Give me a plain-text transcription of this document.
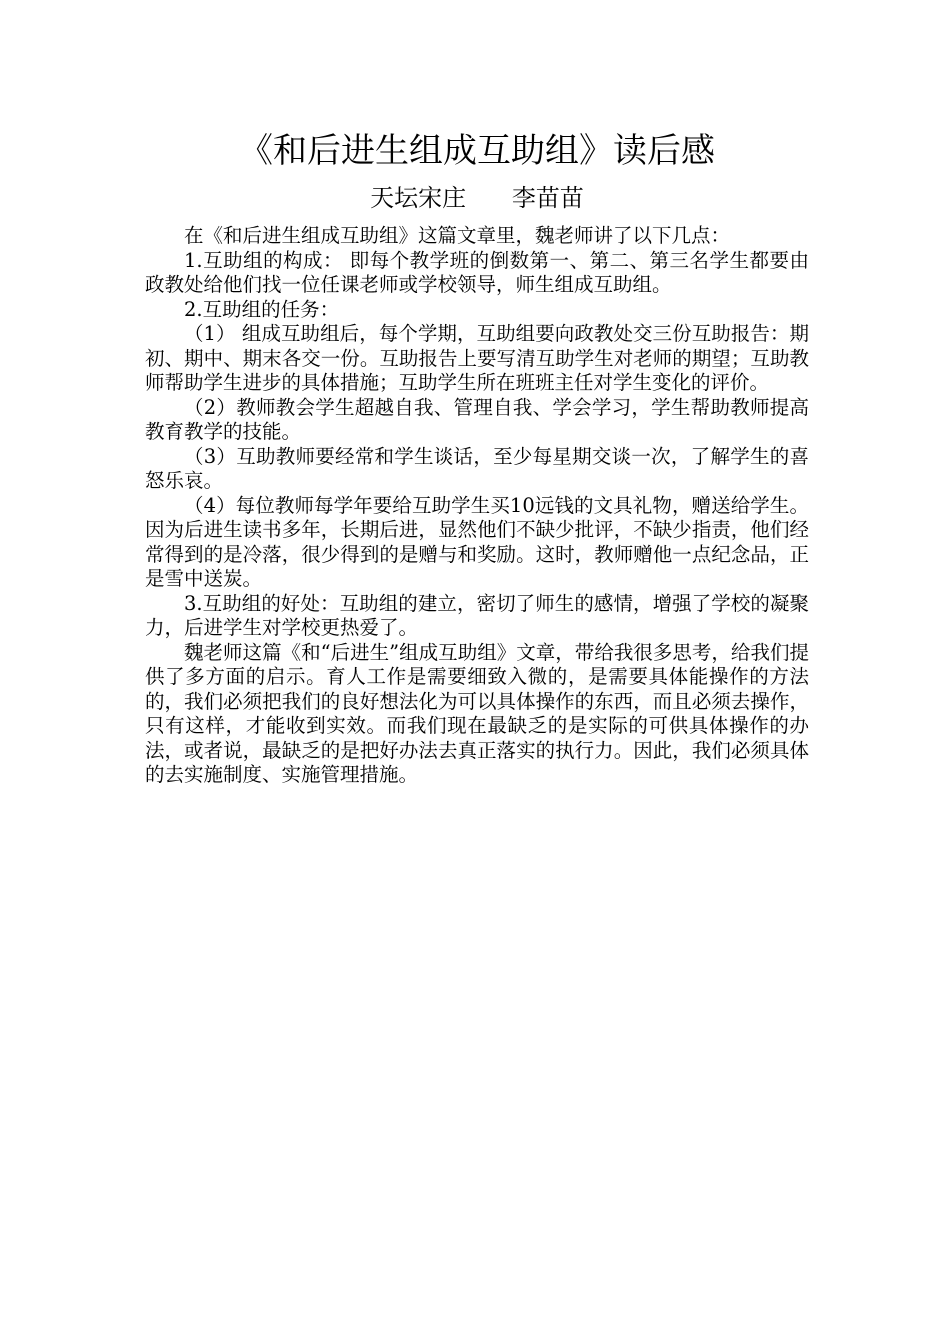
《和后进生组成互助组》读后感
天坛宋庄      李苗苗

在《和后进生组成互助组》这篇文章里，魏老师讲了以下几点：

1.互助组的构成： 即每个教学班的倒数第一、第二、第三名学生都要由政教处给他们找一位任课老师或学校领导，师生组成互助组。

2.互助组的任务：

（1） 组成互助组后，每个学期，互助组要向政教处交三份互助报告：期初、期中、期末各交一份。互助报告上要写清互助学生对老师的期望；互助教师帮助学生进步的具体措施；互助学生所在班班主任对学生变化的评价。

（2）教师教会学生超越自我、管理自我、学会学习，学生帮助教师提高教育教学的技能。

（3）互助教师要经常和学生谈话，至少每星期交谈一次，了解学生的喜怒乐哀。

（4）每位教师每学年要给互助学生买10远钱的文具礼物，赠送给学生。因为后进生读书多年，长期后进，显然他们不缺少批评，不缺少指责，他们经常得到的是冷落，很少得到的是赠与和奖励。这时，教师赠他一点纪念品，正是雪中送炭。

3.互助组的好处：互助组的建立，密切了师生的感情，增强了学校的凝聚力，后进学生对学校更热爱了。

魏老师这篇《和“后进生”组成互助组》文章，带给我很多思考，给我们提供了多方面的启示。育人工作是需要细致入微的，是需要具体能操作的方法的，我们必须把我们的良好想法化为可以具体操作的东西，而且必须去操作，只有这样，才能收到实效。而我们现在最缺乏的是实际的可供具体操作的办法，或者说，最缺乏的是把好办法去真正落实的执行力。因此，我们必须具体的去实施制度、实施管理措施。
